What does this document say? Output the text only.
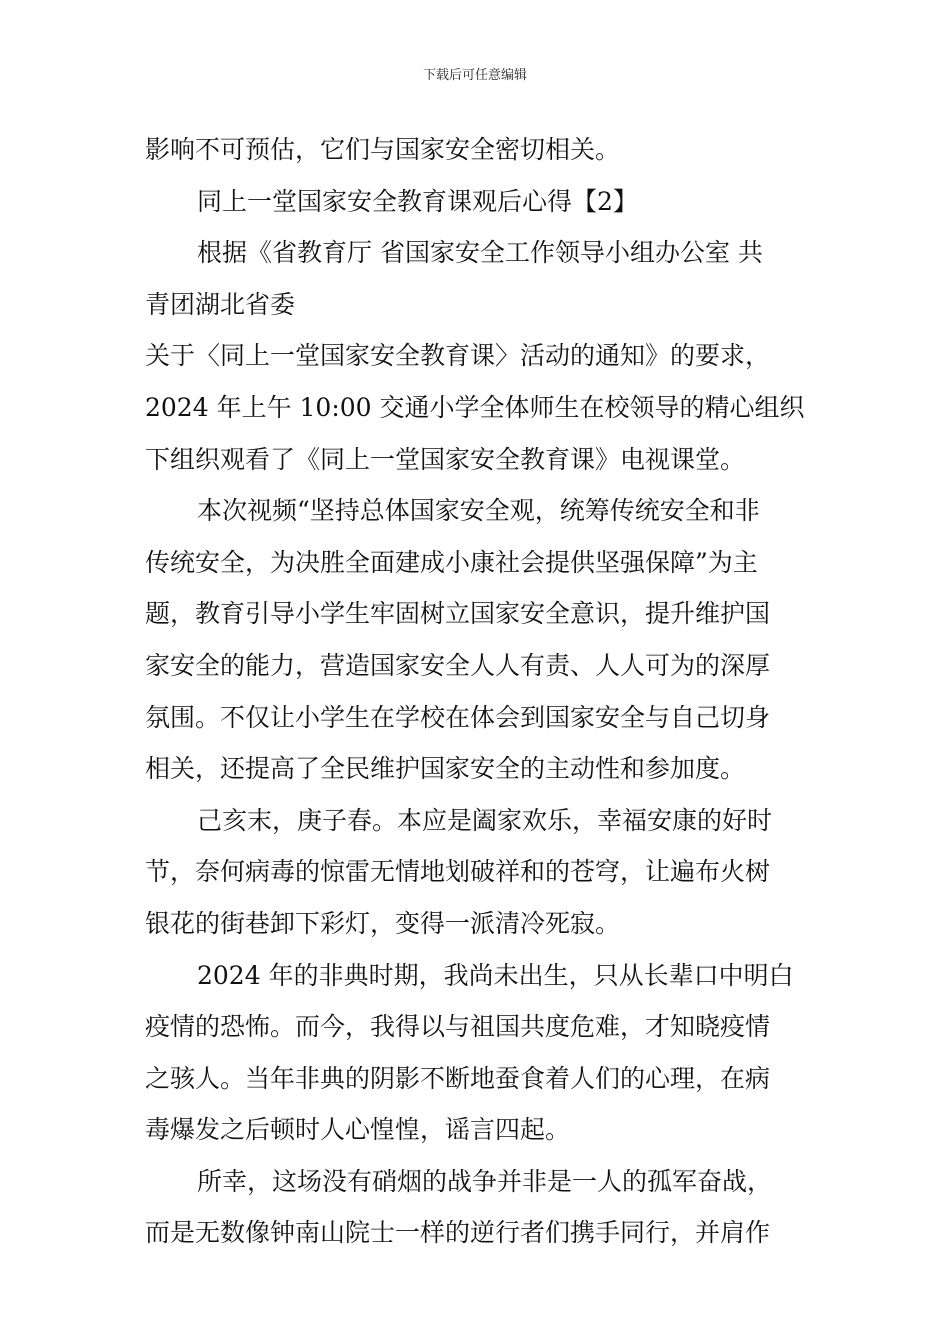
下载后可任意编辑
影响不可预估，它们与国家安全密切相关。
同上一堂国家安全教育课观后心得【2】
根据《省教育厅 省国家安全工作领导小组办公室 共
青团湖北省委
关于〈同上一堂国家安全教育课〉活动的通知》的要求，
2024 年上午 10:00 交通小学全体师生在校领导的精心组织
下组织观看了《同上一堂国家安全教育课》电视课堂。
本次视频“坚持总体国家安全观，统筹传统安全和非
传统安全，为决胜全面建成小康社会提供坚强保障”为主
题，教育引导小学生牢固树立国家安全意识，提升维护国
家安全的能力，营造国家安全人人有责、人人可为的深厚
氛围。不仅让小学生在学校在体会到国家安全与自己切身
相关，还提高了全民维护国家安全的主动性和参加度。
己亥末，庚子春。本应是阖家欢乐，幸福安康的好时
节，奈何病毒的惊雷无情地划破祥和的苍穹，让遍布火树
银花的街巷卸下彩灯，变得一派清冷死寂。
2024 年的非典时期，我尚未出生，只从长辈口中明白
疫情的恐怖。而今，我得以与祖国共度危难，才知晓疫情
之骇人。当年非典的阴影不断地蚕食着人们的心理，在病
毒爆发之后顿时人心惶惶，谣言四起。
所幸，这场没有硝烟的战争并非是一人的孤军奋战，
而是无数像钟南山院士一样的逆行者们携手同行，并肩作
